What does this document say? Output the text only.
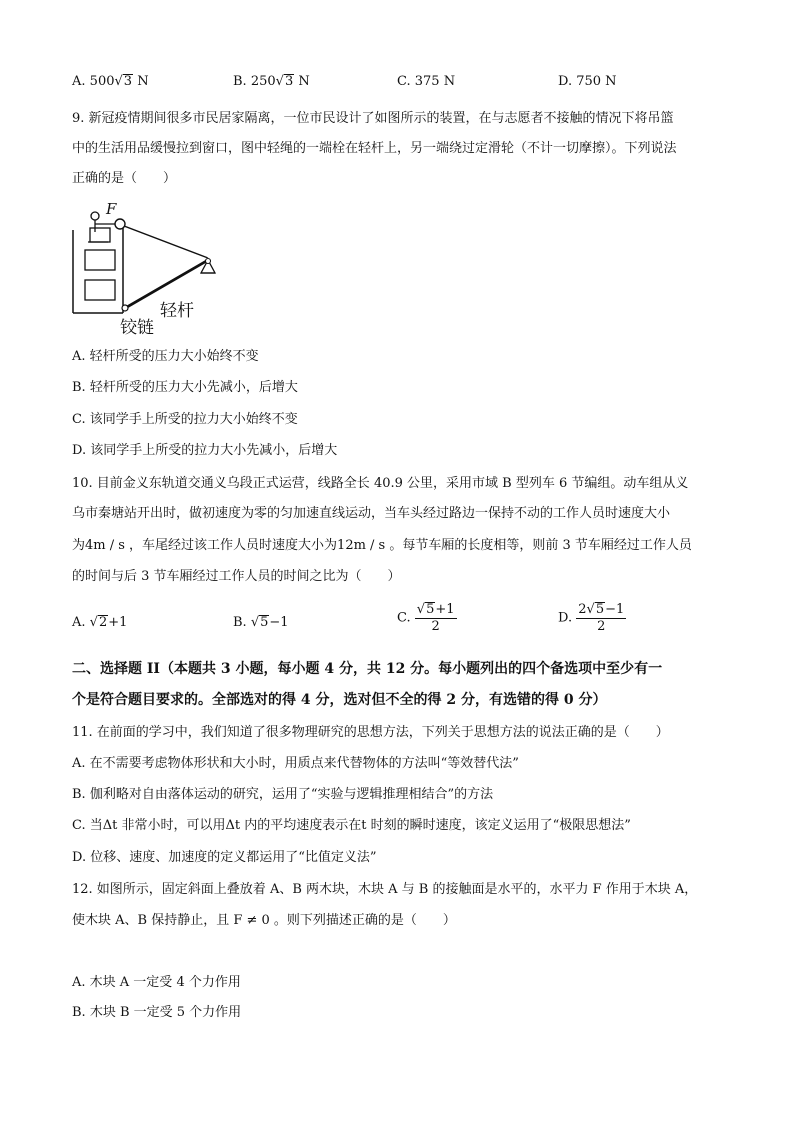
A. 500√3 N	B. 250√3 N	C. 375 N	D. 750 N
9. 新冠疫情期间很多市民居家隔离，一位市民设计了如图所示的装置，在与志愿者不接触的情况下将吊篮
中的生活用品缓慢拉到窗口，图中轻绳的一端栓在轻杆上，另一端绕过定滑轮（不计一切摩擦）。下列说法
正确的是（　　）
F
轻杆
铰链
A. 轻杆所受的压力大小始终不变
B. 轻杆所受的压力大小先减小，后增大
C. 该同学手上所受的拉力大小始终不变
D. 该同学手上所受的拉力大小先减小，后增大
10. 目前金义东轨道交通义乌段正式运营，线路全长 40.9 公里，采用市域 B 型列车 6 节编组。动车组从义
乌市秦塘站开出时，做初速度为零的匀加速直线运动，当车头经过路边一保持不动的工作人员时速度大小
为4m / s ，车尾经过该工作人员时速度大小为12m / s 。每节车厢的长度相等，则前 3 节车厢经过工作人员
的时间与后 3 节车厢经过工作人员的时间之比为（　　）
A. √2+1	B. √5−1	C. $\frac{√5+1}{2}$	D. $\frac{2√5-1}{2}$
二、选择题 II（本题共 3 小题，每小题 4 分，共 12 分。每小题列出的四个备选项中至少有一
个是符合题目要求的。全部选对的得 4 分，选对但不全的得 2 分，有选错的得 0 分）
11. 在前面的学习中，我们知道了很多物理研究的思想方法，下列关于思想方法的说法正确的是（　　）
A. 在不需要考虑物体形状和大小时，用质点来代替物体的方法叫“等效替代法”
B. 伽利略对自由落体运动的研究，运用了“实验与逻辑推理相结合”的方法
C. 当Δt 非常小时，可以用Δt 内的平均速度表示在t 时刻的瞬时速度，该定义运用了“极限思想法”
D. 位移、速度、加速度的定义都运用了“比值定义法”
12. 如图所示，固定斜面上叠放着 A、B 两木块，木块 A 与 B 的接触面是水平的，水平力 F 作用于木块 A，
使木块 A、B 保持静止，且 F ≠ 0 。则下列描述正确的是（　　）
A. 木块 A 一定受 4 个力作用
B. 木块 B 一定受 5 个力作用
